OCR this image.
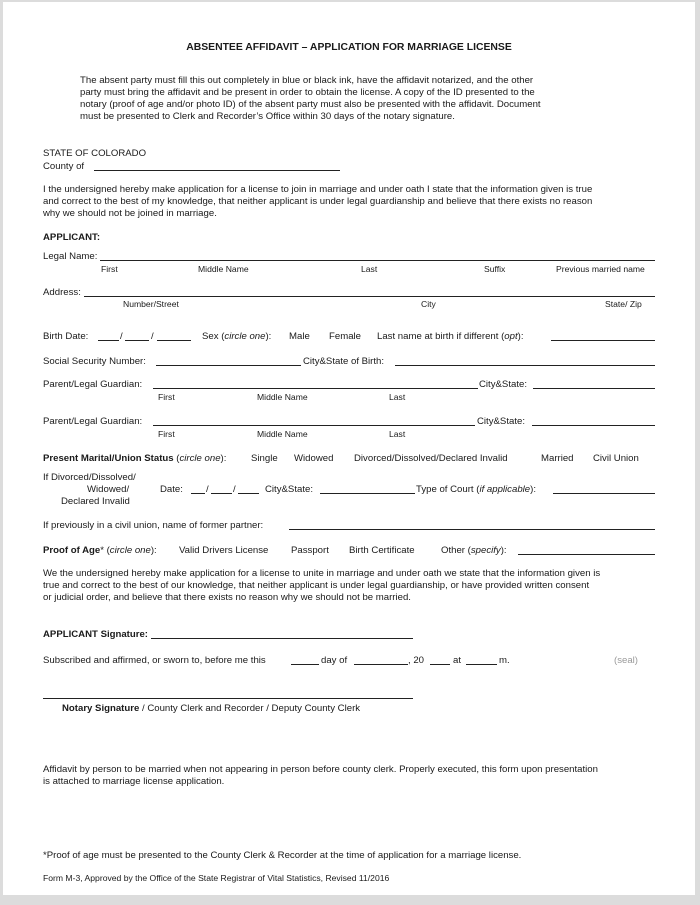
ABSENTEE AFFIDAVIT – APPLICATION FOR MARRIAGE LICENSE
The absent party must fill this out completely in blue or black ink, have the affidavit notarized, and the other
party must bring the affidavit and be present in order to obtain the license. A copy of the ID presented to the
notary (proof of age and/or photo ID) of the absent party must also be presented with the affidavit. Document
must be presented to Clerk and Recorder’s Office within 30 days of the notary signature.
STATE OF COLORADO
County of
I the undersigned hereby make application for a license to join in marriage and under oath I state that the information given is true
and correct to the best of my knowledge, that neither applicant is under legal guardianship and believe that there exists no reason
why we should not be joined in marriage.
APPLICANT:
Legal Name:
First	Middle Name	Last	Suffix	Previous married name
Address:
Number/Street	City	State/ Zip
Birth Date:	/	/	Sex (circle one): Male Female Last name at birth if different (opt):
Social Security Number:	City&State of Birth:
Parent/Legal Guardian:	City&State:
First	Middle Name	Last
Parent/Legal Guardian:	City&State:
First	Middle Name	Last
Present Marital/Union Status (circle one):	Single Widowed Divorced/Dissolved/Declared Invalid	Married Civil Union
If Divorced/Dissolved/
Widowed/
Declared Invalid
Date: /	/	City&State:	Type of Court (if applicable):
If previously in a civil union, name of former partner:
Proof of Age* (circle one): Valid Drivers License Passport Birth Certificate	Other (specify):
We the undersigned hereby make application for a license to unite in marriage and under oath we state that the information given is
true and correct to the best of our knowledge, that neither applicant is under legal guardianship, or have provided written consent
or judicial order, and believe that there exists no reason why we should not be married.
APPLICANT Signature:
Subscribed and affirmed, or sworn to, before me this	day of	, 20	at	m.	(seal)
Notary Signature / County Clerk and Recorder / Deputy County Clerk
Affidavit by person to be married when not appearing in person before county clerk. Properly executed, this form upon presentation
is attached to marriage license application.
*Proof of age must be presented to the County Clerk & Recorder at the time of application for a marriage license.
Form M-3, Approved by the Office of the State Registrar of Vital Statistics, Revised 11/2016
